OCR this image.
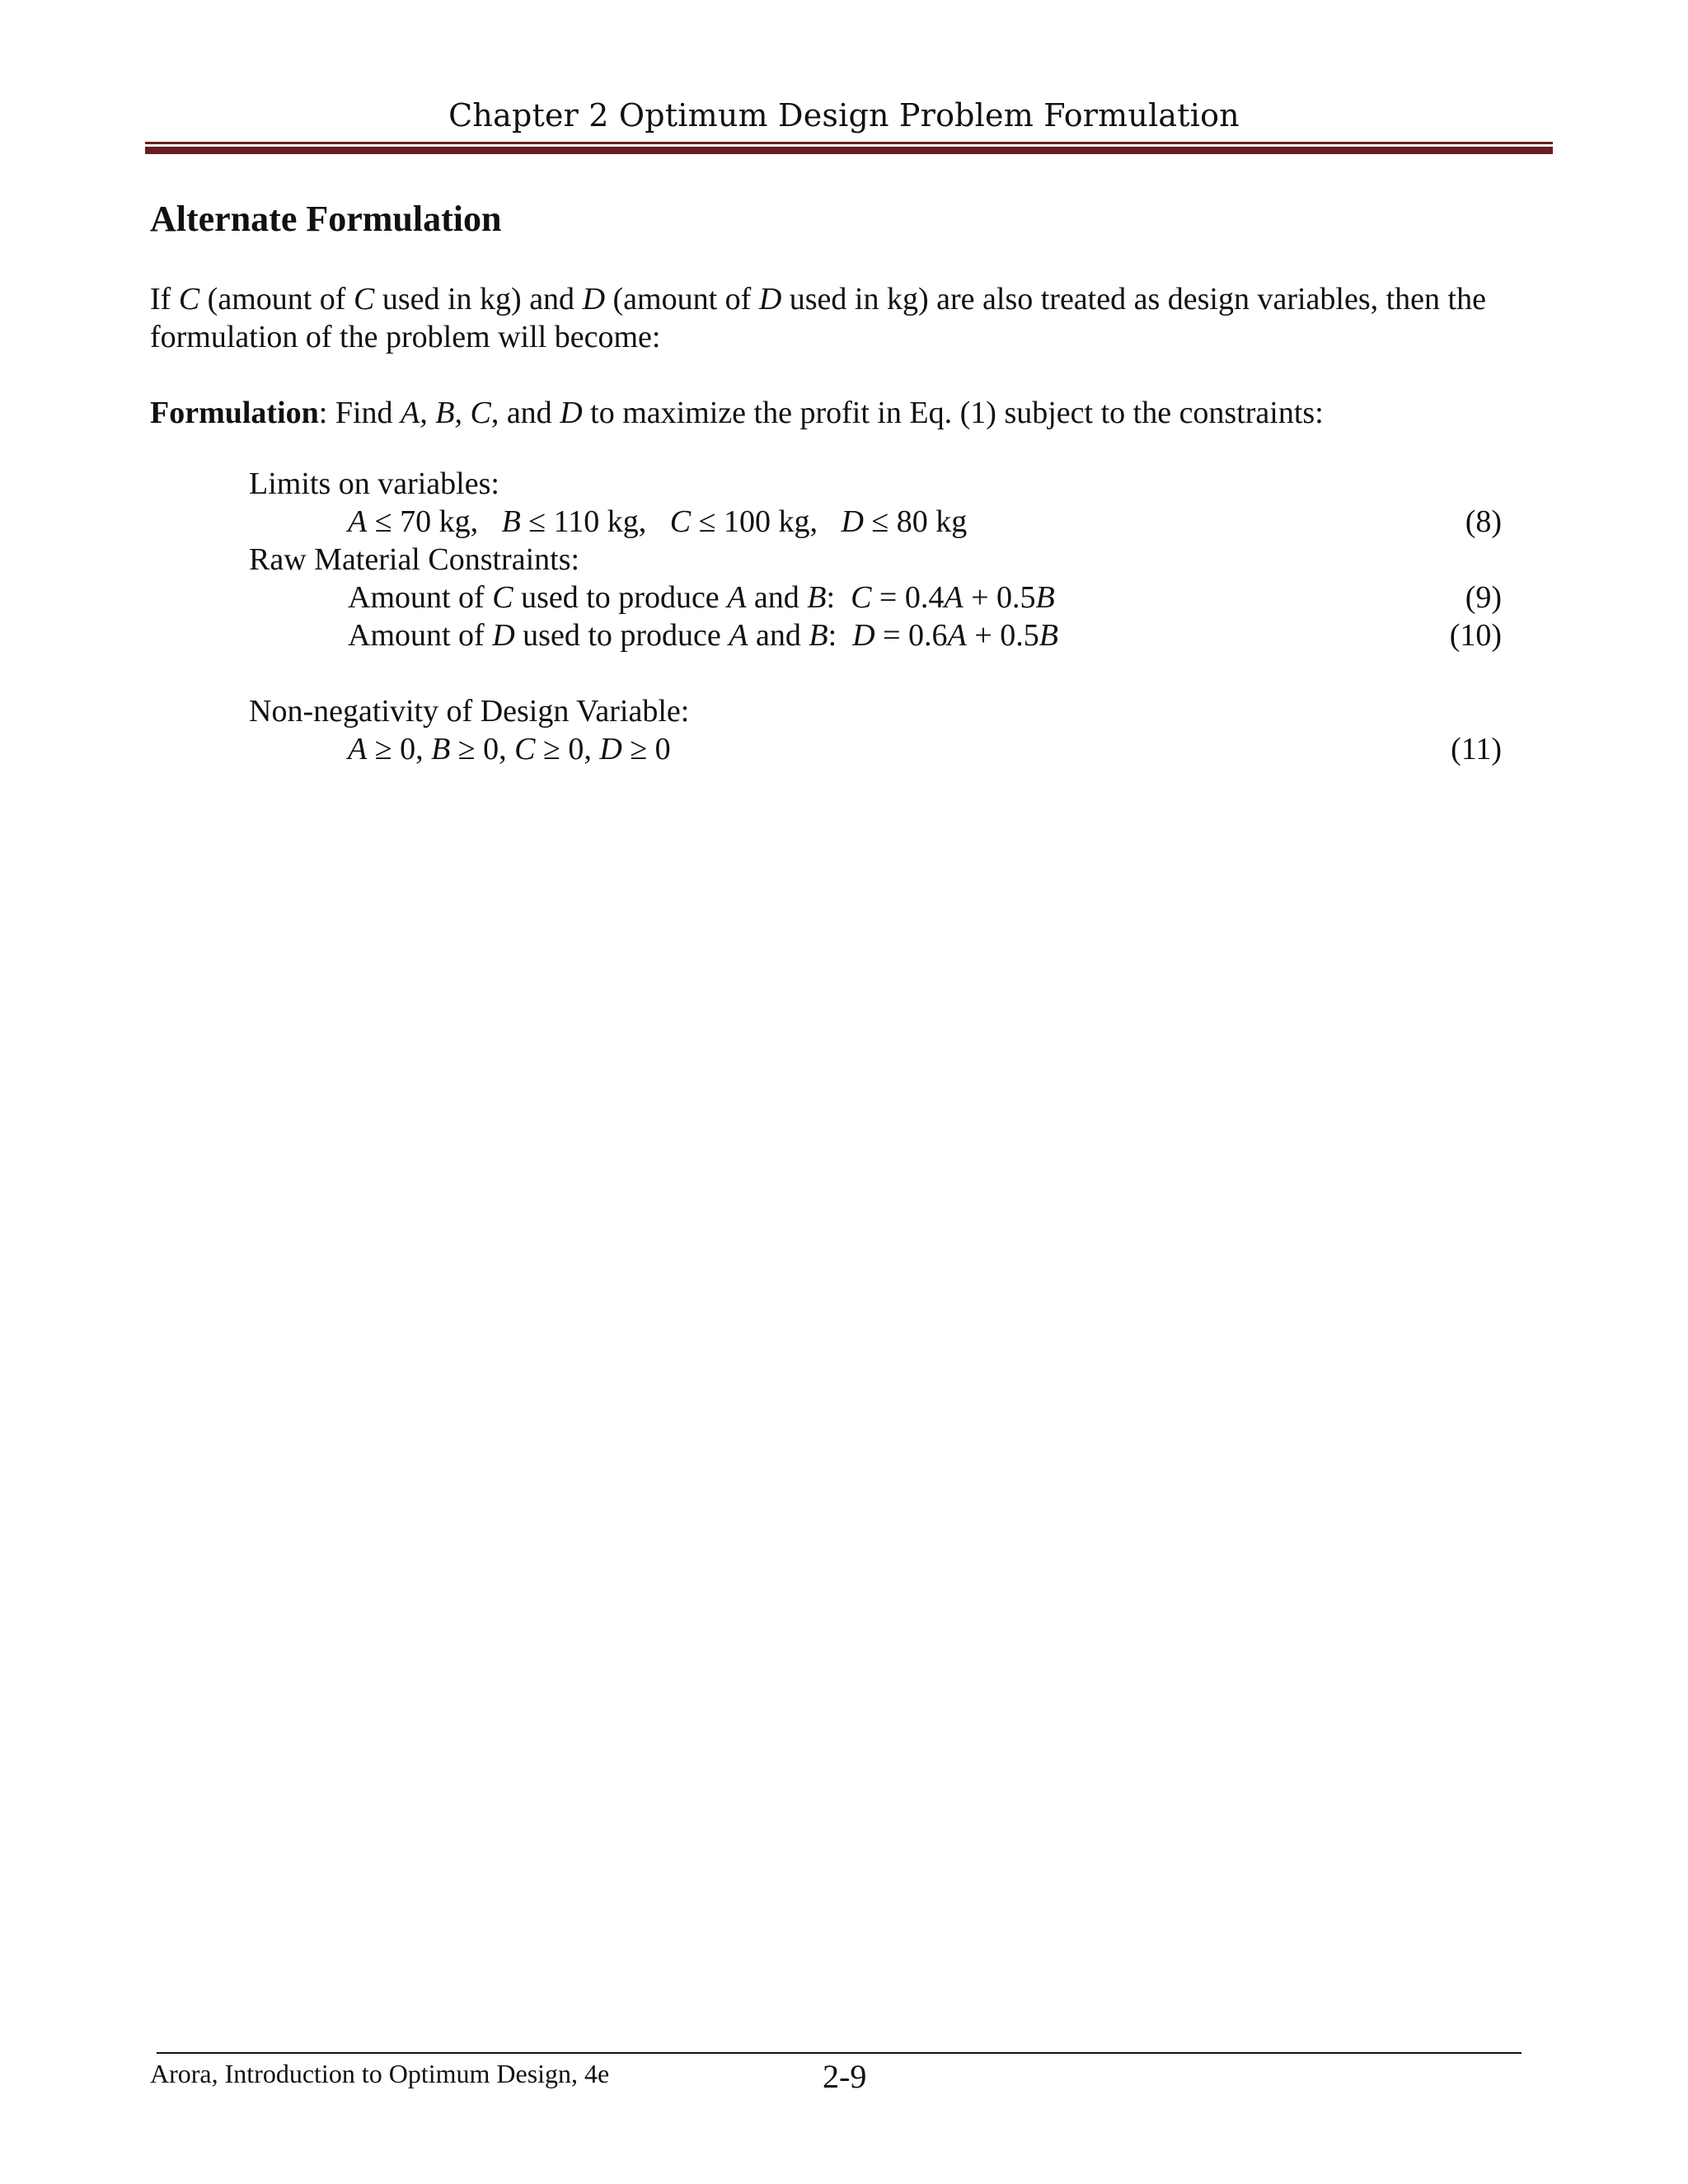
Chapter 2 Optimum Design Problem Formulation
Alternate Formulation

If C (amount of C used in kg) and D (amount of D used in kg) are also treated as design variables, then the formulation of the problem will become:

Formulation: Find A, B, C, and D to maximize the profit in Eq. (1) subject to the constraints:

Limits on variables:
A ≤ 70 kg,   B ≤ 110 kg,   C ≤ 100 kg,   D ≤ 80 kg	(8)
Raw Material Constraints:
Amount of C used to produce A and B:  C = 0.4A + 0.5B	(9)
Amount of D used to produce A and B:  D = 0.6A + 0.5B	(10)
Non-negativity of Design Variable:
A ≥ 0, B ≥ 0, C ≥ 0, D ≥ 0	(11)
Arora, Introduction to Optimum Design, 4e	2-9
